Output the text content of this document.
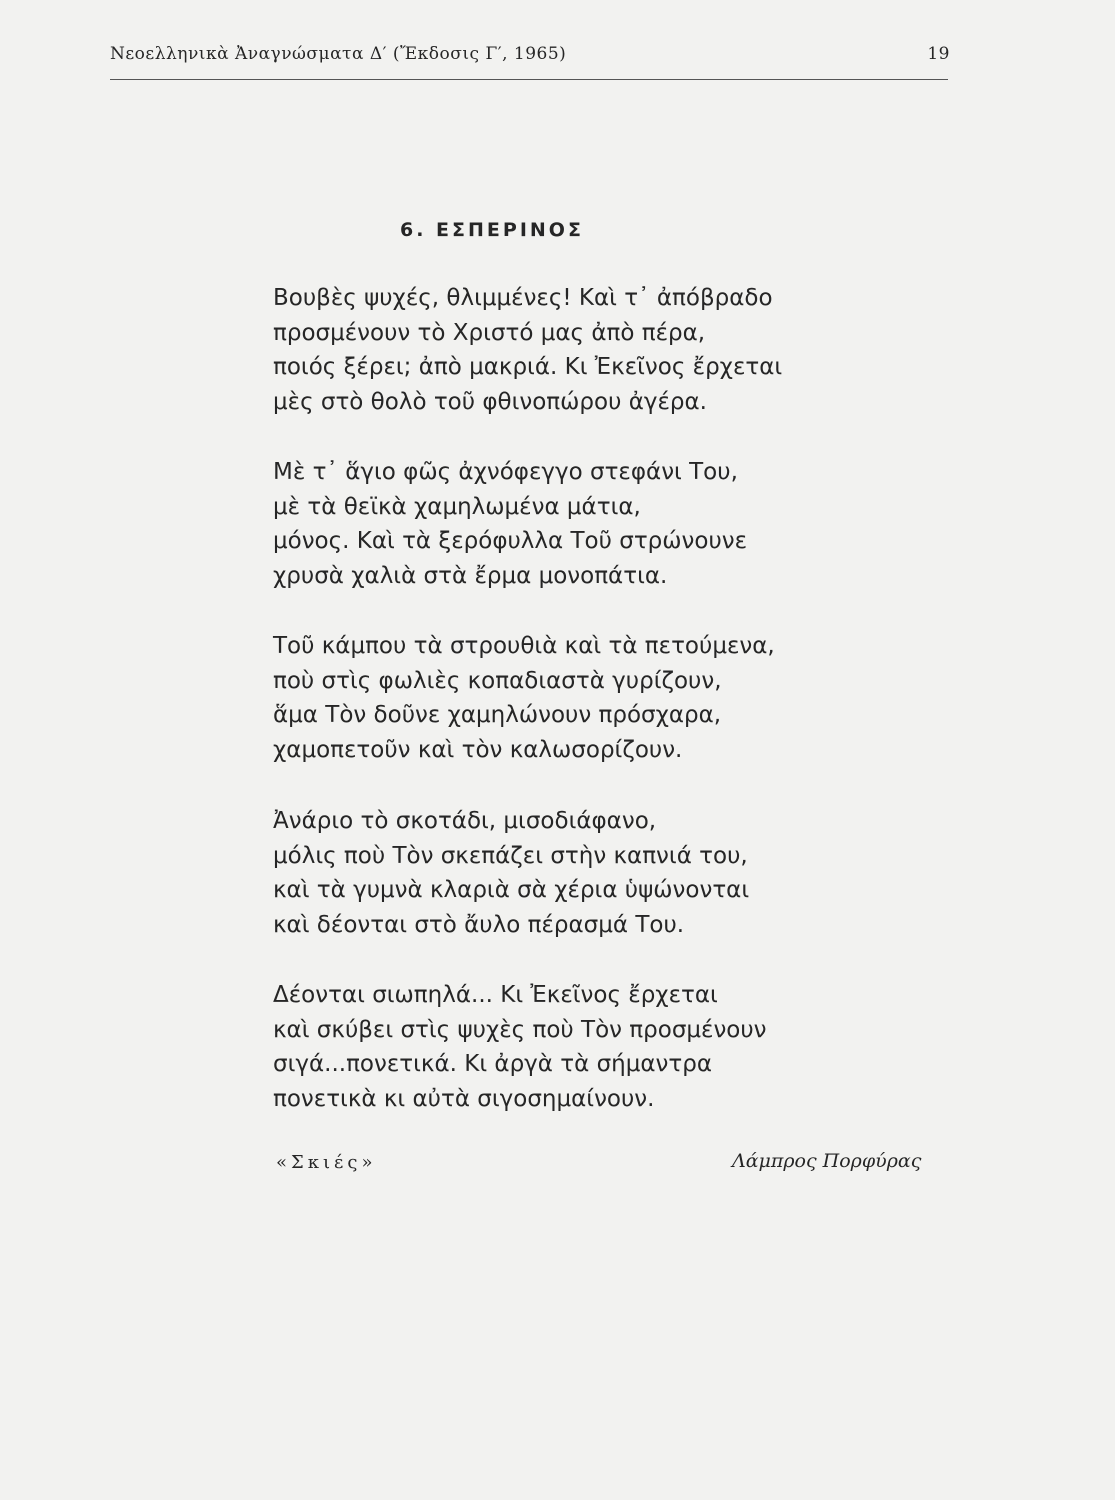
Νεοελληνικὰ Ἀναγνώσματα Δ′ (Ἔκδοσις Γ′, 1965)	19
6. ΕΣΠΕΡΙΝΟΣ
Βουβὲς ψυχές, θλιμμένες! Καὶ τ᾿ ἀπόβραδο
προσμένουν τὸ Χριστό μας ἀπὸ πέρα,
ποιός ξέρει; ἀπὸ μακριά. Κι Ἐκεῖνος ἔρχεται
μὲς στὸ θολὸ τοῦ φθινοπώρου ἀγέρα.
Μὲ τ᾿ ἅγιο φῶς ἀχνόφεγγο στεφάνι Του,
μὲ τὰ θεϊκὰ χαμηλωμένα μάτια,
μόνος. Καὶ τὰ ξερόφυλλα Τοῦ στρώνουνε
χρυσὰ χαλιὰ στὰ ἔρμα μονοπάτια.
Τοῦ κάμπου τὰ στρουθιὰ καὶ τὰ πετούμενα,
ποὺ στὶς φωλιὲς κοπαδιαστὰ γυρίζουν,
ἅμα Τὸν δοῦνε χαμηλώνουν πρόσχαρα,
χαμοπετοῦν καὶ τὸν καλωσορίζουν.
Ἀνάριο τὸ σκοτάδι, μισοδιάφανο,
μόλις ποὺ Τὸν σκεπάζει στὴν καπνιά του,
καὶ τὰ γυμνὰ κλαριὰ σὰ χέρια ὑψώνονται
καὶ δέονται στὸ ἄυλο πέρασμά Του.
Δέονται σιωπηλά... Κι Ἐκεῖνος ἔρχεται
καὶ σκύβει στὶς ψυχὲς ποὺ Τὸν προσμένουν
σιγά...πονετικά. Κι ἀργὰ τὰ σήμαντρα
πονετικὰ κι αὐτὰ σιγοσημαίνουν.
«Σκιές»	Λάμπρος Πορφύρας
